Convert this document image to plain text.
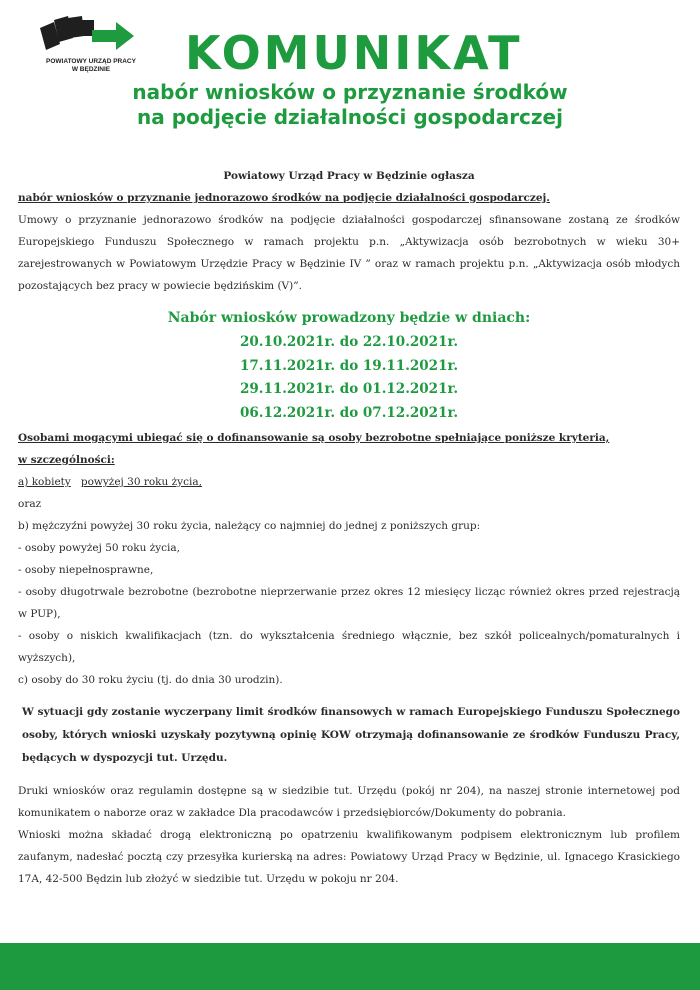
POWIATOWY URZĄD PRACY
W BĘDZINIE	KOMUNIKAT
nabór wniosków o przyznanie środków
na podjęcie działalności gospodarczej

Powiatowy Urząd Pracy w Będzinie ogłasza

nabór wniosków o przyznanie jednorazowo środków na podjęcie działalności gospodarczej.

Umowy o przyznanie jednorazowo środków na podjęcie działalności gospodarczej sfinansowane zostaną ze środków Europejskiego Funduszu Społecznego w ramach projektu p.n. „Aktywizacja osób bezrobotnych w wieku 30+ zarejestrowanych w Powiatowym Urzędzie Pracy w Będzinie IV ” oraz w ramach projektu p.n. „Aktywizacja osób młodych pozostających bez pracy w powiecie będzińskim (V)”.

Nabór wniosków prowadzony będzie w dniach:

20.10.2021r. do 22.10.2021r.

17.11.2021r. do 19.11.2021r.

29.11.2021r. do 01.12.2021r.

06.12.2021r. do 07.12.2021r.

Osobami mogącymi ubiegać się o dofinansowanie są osoby bezrobotne spełniające poniższe kryteria,

w szczególności:

a) kobiety powyżej 30 roku życia,

oraz

b) mężczyźni powyżej 30 roku życia, należący co najmniej do jednej z poniższych grup:

- osoby powyżej 50 roku życia,

- osoby niepełnosprawne,

- osoby długotrwale bezrobotne (bezrobotne nieprzerwanie przez okres 12 miesięcy licząc również okres przed rejestracją w PUP),

- osoby o niskich kwalifikacjach (tzn. do wykształcenia średniego włącznie, bez szkół policealnych/pomaturalnych i wyższych),

c) osoby do 30 roku życiu (tj. do dnia 30 urodzin).

W sytuacji gdy zostanie wyczerpany limit środków finansowych w ramach Europejskiego Funduszu Społecznego osoby, których wnioski uzyskały pozytywną opinię KOW otrzymają dofinansowanie ze środków Funduszu Pracy, będących w dyspozycji tut. Urzędu.

Druki wniosków oraz regulamin dostępne są w siedzibie tut. Urzędu (pokój nr 204), na naszej stronie internetowej pod komunikatem o naborze oraz w zakładce Dla pracodawców i przedsiębiorców/Dokumenty do pobrania.

Wnioski można składać drogą elektroniczną po opatrzeniu kwalifikowanym podpisem elektronicznym lub profilem zaufanym, nadesłać pocztą czy przesyłka kurierską na adres: Powiatowy Urząd Pracy w Będzinie, ul. Ignacego Krasickiego 17A, 42-500 Będzin lub złożyć w siedzibie tut. Urzędu w pokoju nr 204.
